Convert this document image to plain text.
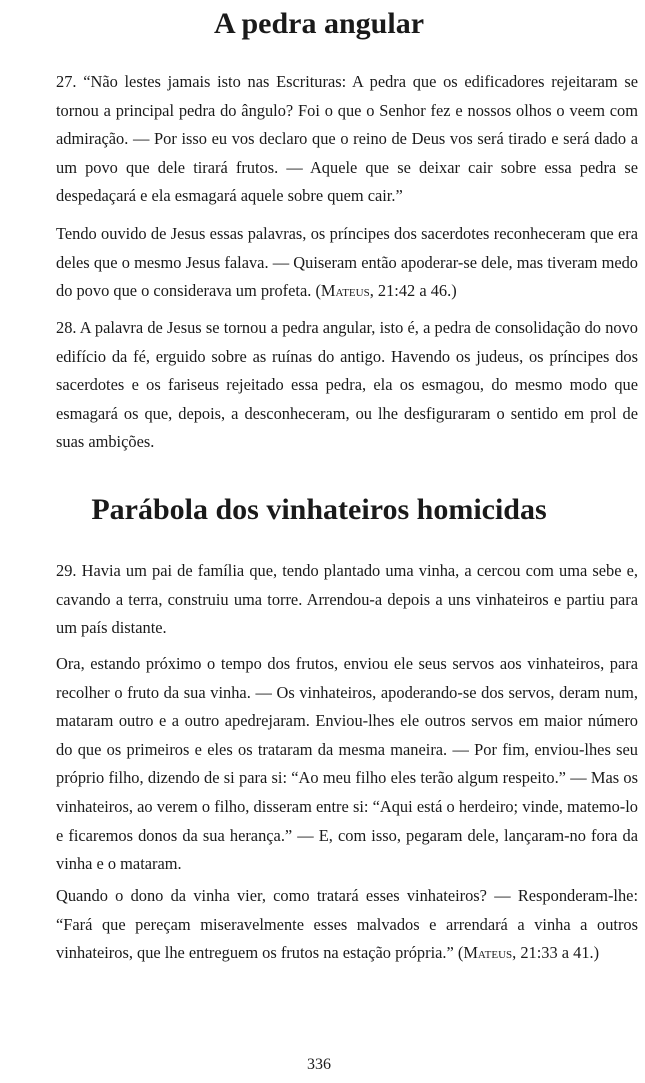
A pedra angular

27. “Não lestes jamais isto nas Escrituras: A pedra que os edificadores rejeitaram se tornou a principal pedra do ângulo? Foi o que o Senhor fez e nossos olhos o veem com admiração. — Por isso eu vos declaro que o reino de Deus vos será tirado e será dado a um povo que dele tirará frutos. — Aquele que se deixar cair sobre essa pedra se despedaçará e ela esmagará aquele sobre quem cair.”

Tendo ouvido de Jesus essas palavras, os príncipes dos sacerdotes reconheceram que era deles que o mesmo Jesus falava. — Quiseram então apoderar-se dele, mas tiveram medo do povo que o considerava um profeta. (Mateus, 21:42 a 46.)

28. A palavra de Jesus se tornou a pedra angular, isto é, a pedra de consolidação do novo edifício da fé, erguido sobre as ruínas do antigo. Havendo os judeus, os príncipes dos sacerdotes e os fariseus rejeitado essa pedra, ela os esmagou, do mesmo modo que esmagará os que, depois, a desconheceram, ou lhe desfiguraram o sentido em prol de suas ambições.

Parábola dos vinhateiros homicidas

29. Havia um pai de família que, tendo plantado uma vinha, a cercou com uma sebe e, cavando a terra, construiu uma torre. Arrendou-a depois a uns vinhateiros e partiu para um país distante.

Ora, estando próximo o tempo dos frutos, enviou ele seus servos aos vinhateiros, para recolher o fruto da sua vinha. — Os vinhateiros, apoderando-se dos servos, deram num, mataram outro e a outro apedrejaram. Enviou-lhes ele outros servos em maior número do que os primeiros e eles os trataram da mesma maneira. — Por fim, enviou-lhes seu próprio filho, dizendo de si para si: “Ao meu filho eles terão algum respeito.” — Mas os vinhateiros, ao verem o filho, disseram entre si: “Aqui está o herdeiro; vinde, matemo-lo e ficaremos donos da sua herança.” — E, com isso, pegaram dele, lançaram-no fora da vinha e o mataram.

Quando o dono da vinha vier, como tratará esses vinhateiros? — Responderam-lhe: “Fará que pereçam miseravelmente esses malvados e arrendará a vinha a outros vinhateiros, que lhe entreguem os frutos na estação própria.” (Mateus, 21:33 a 41.)

336
